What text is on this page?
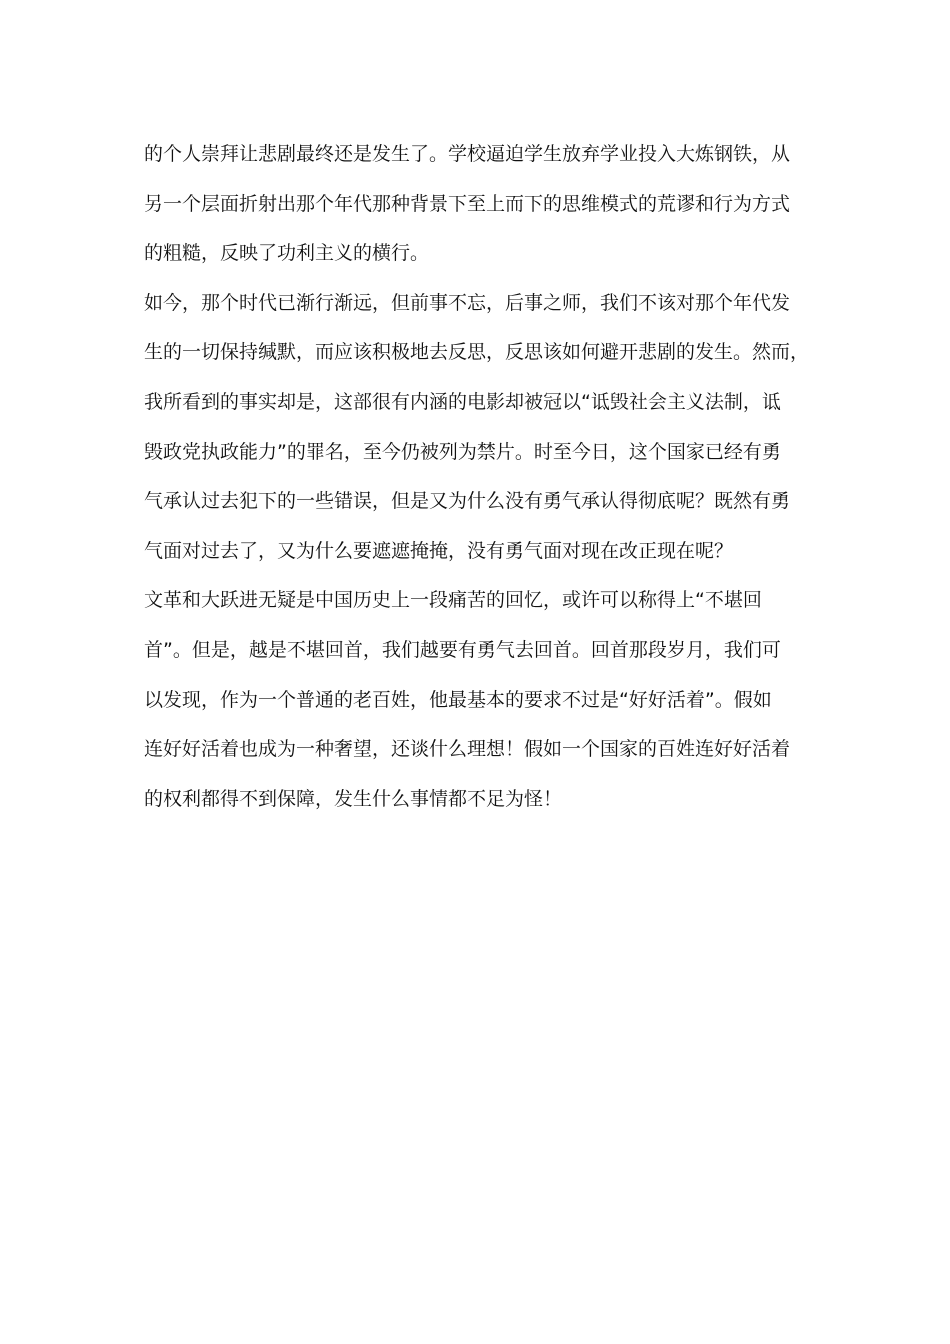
的个人崇拜让悲剧最终还是发生了。学校逼迫学生放弃学业投入大炼钢铁，从
另一个层面折射出那个年代那种背景下至上而下的思维模式的荒谬和行为方式
的粗糙，反映了功利主义的横行。
如今，那个时代已渐行渐远，但前事不忘，后事之师，我们不该对那个年代发
生的一切保持缄默，而应该积极地去反思，反思该如何避开悲剧的发生。然而，
我所看到的事实却是，这部很有内涵的电影却被冠以“诋毁社会主义法制，诋
毁政党执政能力”的罪名，至今仍被列为禁片。时至今日，这个国家已经有勇
气承认过去犯下的一些错误，但是又为什么没有勇气承认得彻底呢？既然有勇
气面对过去了，又为什么要遮遮掩掩，没有勇气面对现在改正现在呢？
文革和大跃进无疑是中国历史上一段痛苦的回忆，或许可以称得上“不堪回
首”。但是，越是不堪回首，我们越要有勇气去回首。回首那段岁月，我们可
以发现，作为一个普通的老百姓，他最基本的要求不过是“好好活着”。假如
连好好活着也成为一种奢望，还谈什么理想！假如一个国家的百姓连好好活着
的权利都得不到保障，发生什么事情都不足为怪！
